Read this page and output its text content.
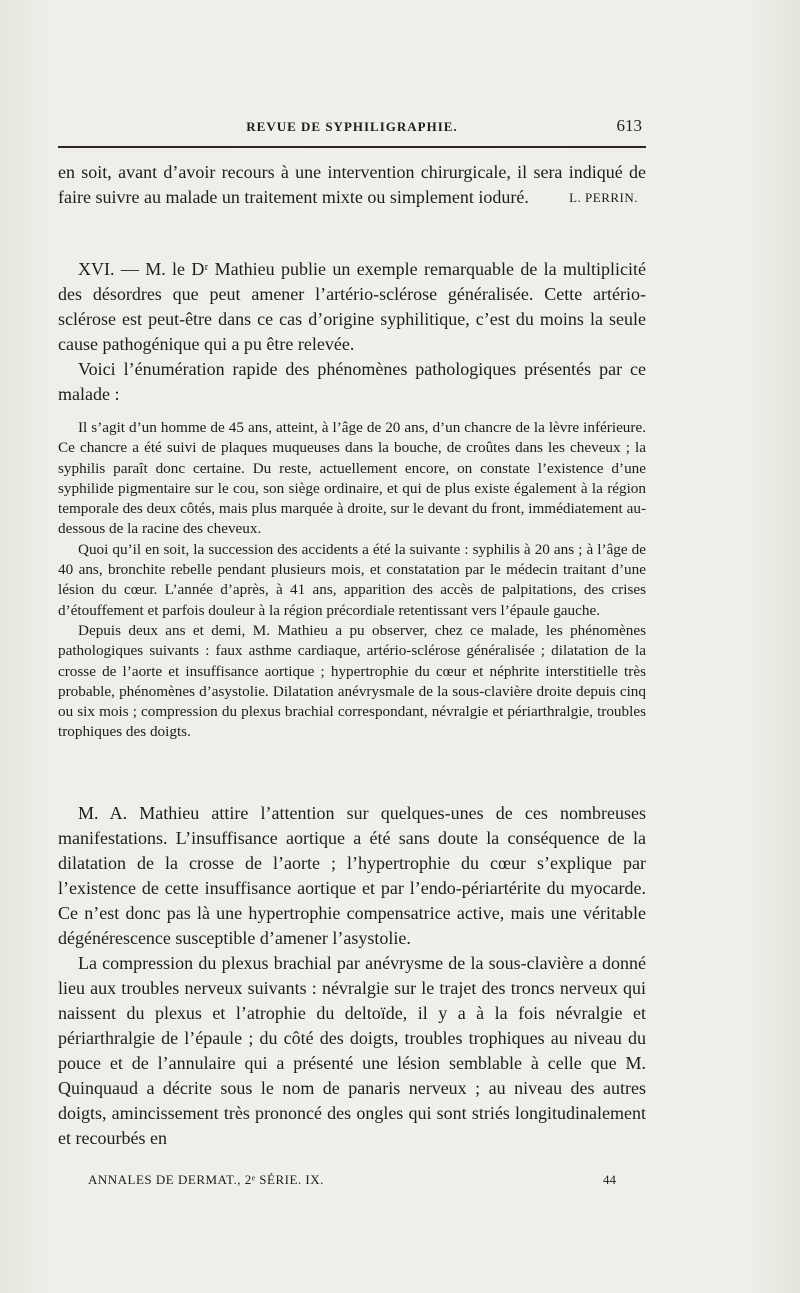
REVUE DE SYPHILIGRAPHIE.	613

en soit, avant d’avoir recours à une intervention chirurgicale, il sera indiqué de faire suivre au malade un traitement mixte ou simplement ioduré.	L. PERRIN.

XVI. — M. le Dʳ Mathieu publie un exemple remarquable de la multiplicité des désordres que peut amener l’artério-sclérose généralisée. Cette artério-sclérose est peut-être dans ce cas d’origine syphilitique, c’est du moins la seule cause pathogénique qui a pu être relevée.

Voici l’énumération rapide des phénomènes pathologiques présentés par ce malade :

Il s’agit d’un homme de 45 ans, atteint, à l’âge de 20 ans, d’un chancre de la lèvre inférieure. Ce chancre a été suivi de plaques muqueuses dans la bouche, de croûtes dans les cheveux ; la syphilis paraît donc certaine. Du reste, actuellement encore, on constate l’existence d’une syphilide pigmentaire sur le cou, son siège ordinaire, et qui de plus existe également à la région temporale des deux côtés, mais plus marquée à droite, sur le devant du front, immédiatement au-dessous de la racine des cheveux.

Quoi qu’il en soit, la succession des accidents a été la suivante : syphilis à 20 ans ; à l’âge de 40 ans, bronchite rebelle pendant plusieurs mois, et constatation par le médecin traitant d’une lésion du cœur. L’année d’après, à 41 ans, apparition des accès de palpitations, des crises d’étouffement et parfois douleur à la région précordiale retentissant vers l’épaule gauche.

Depuis deux ans et demi, M. Mathieu a pu observer, chez ce malade, les phénomènes pathologiques suivants : faux asthme cardiaque, artério-sclérose généralisée ; dilatation de la crosse de l’aorte et insuffisance aortique ; hypertrophie du cœur et néphrite interstitielle très probable, phénomènes d’asystolie. Dilatation anévrysmale de la sous-clavière droite depuis cinq ou six mois ; compression du plexus brachial correspondant, névralgie et périarthralgie, troubles trophiques des doigts.

M. A. Mathieu attire l’attention sur quelques-unes de ces nombreuses manifestations. L’insuffisance aortique a été sans doute la conséquence de la dilatation de la crosse de l’aorte ; l’hypertrophie du cœur s’explique par l’existence de cette insuffisance aortique et par l’endo-périartérite du myocarde. Ce n’est donc pas là une hypertrophie compensatrice active, mais une véritable dégénérescence susceptible d’amener l’asystolie.

La compression du plexus brachial par anévrysme de la sous-clavière a donné lieu aux troubles nerveux suivants : névralgie sur le trajet des troncs nerveux qui naissent du plexus et l’atrophie du deltoïde, il y a à la fois névralgie et périarthralgie de l’épaule ; du côté des doigts, troubles trophiques au niveau du pouce et de l’annulaire qui a présenté une lésion semblable à celle que M. Quinquaud a décrite sous le nom de panaris nerveux ; au niveau des autres doigts, amincissement très prononcé des ongles qui sont striés longitudinalement et recourbés en

ANNALES DE DERMAT., 2ᵉ SÉRIE. IX.	44
